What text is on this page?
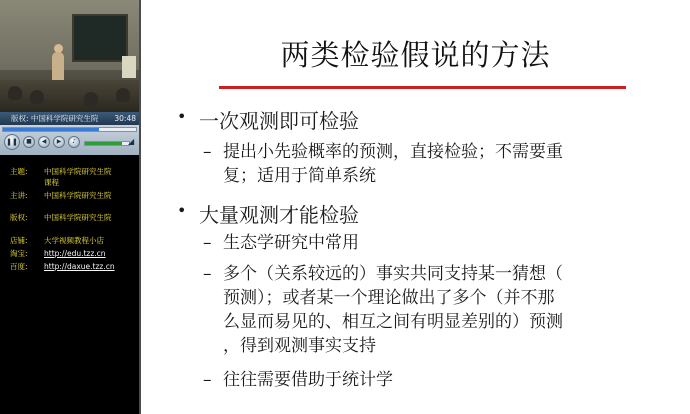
版权: 中国科学院研究生院 30:48
❚❚	■	◀	▶	♪	◢
主题: 中国科学院研究生院课程
主讲: 中国科学院研究生院
版权: 中国科学院研究生院
店铺: 大学视频教程小店
淘宝: http://edu.tzz.cn
百度: http://daxue.tzz.cn
两类检验假说的方法
• 一次观测即可检验
– 提出小先验概率的预测，直接检验；不需要重
复；适用于简单系统
• 大量观测才能检验
– 生态学研究中常用
– 多个（关系较远的）事实共同支持某一猜想（
预测）；或者某一个理论做出了多个（并不那
么显而易见的、相互之间有明显差别的）预测
，得到观测事实支持
– 往往需要借助于统计学
